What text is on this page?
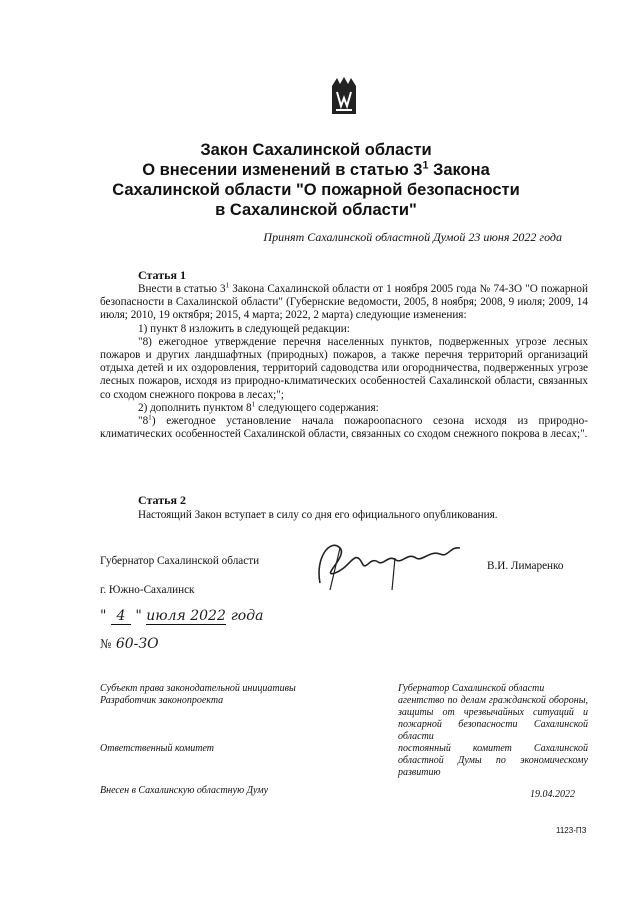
Закон Сахалинской области
О внесении изменений в статью $3^1$ Закона
Сахалинской области "О пожарной безопасности
в Сахалинской области"
Принят Сахалинской областной Думой 23 июня 2022 года
Статья 1

Внести в статью $3^1$ Закона Сахалинской области от 1 ноября 2005 года № 74-ЗО "О пожарной безопасности в Сахалинской области" (Губернские ведомости, 2005, 8 ноября; 2008, 9 июля; 2009, 14 июля; 2010, 19 октября; 2015, 4 марта; 2022, 2 марта) следующие изменения:

1) пункт 8 изложить в следующей редакции:

"8) ежегодное утверждение перечня населенных пунктов, подверженных угрозе лесных пожаров и других ландшафтных (природных) пожаров, а также перечня территорий организаций отдыха детей и их оздоровления, территорий садоводства или огородничества, подверженных угрозе лесных пожаров, исходя из природно-климатических особенностей Сахалинской области, связанных со сходом снежного покрова в лесах;";

2) дополнить пунктом $8^1$ следующего содержания:

"$8^1$) ежегодное установление начала пожароопасного сезона исходя из природно-климатических особенностей Сахалинской области, связанных со сходом снежного покрова в лесах;".

Статья 2
Настоящий Закон вступает в силу со дня его официального опубликования.
Губернатор Сахалинской области	В.И. Лимаренко
г. Южно-Сахалинск
" 4 " июля 2022 года
№ 60-ЗО
Субъект права законодательной инициативы
Разработчик законопроекта
Ответственный комитет
Внесен в Сахалинскую областную Думу
Губернатор Сахалинской области
агентство по делам гражданской обороны, защиты от чрезвычайных ситуаций и пожарной безопасности Сахалинской области
постоянный комитет Сахалинской областной Думы по экономическому развитию
19.04.2022
1123-ПЗ
